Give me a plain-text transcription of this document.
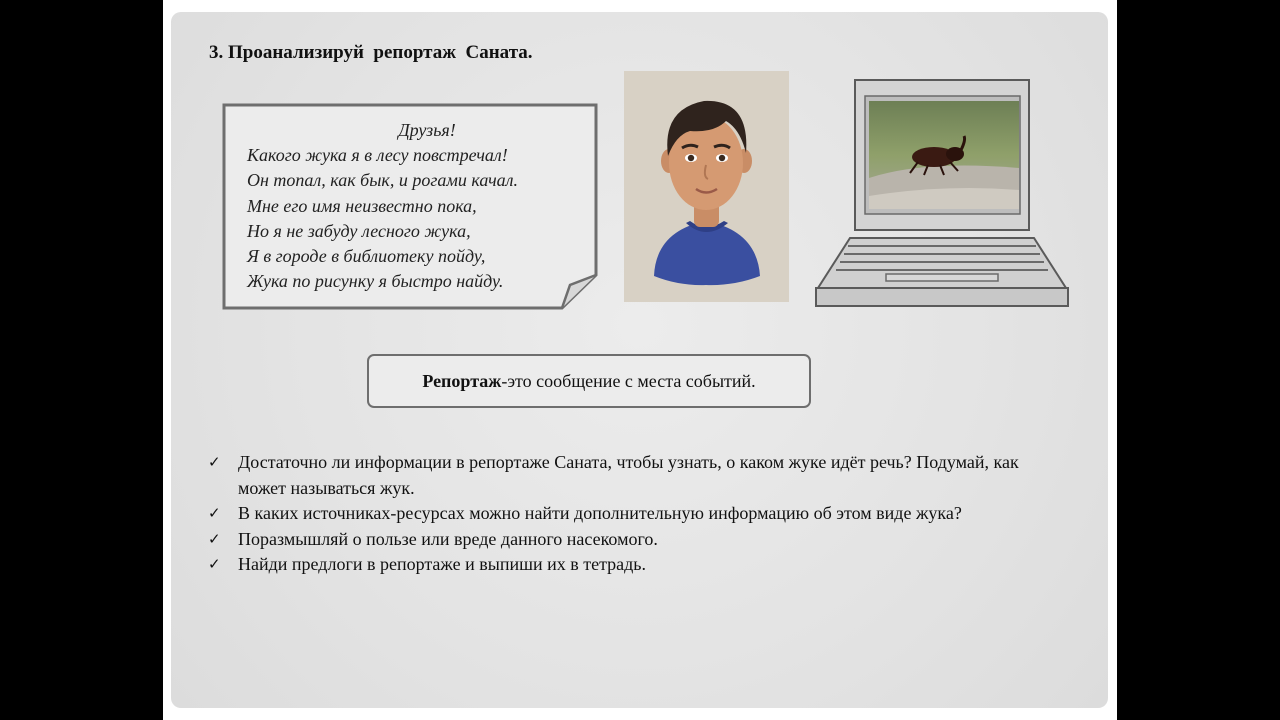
3. Проанализируй  репортаж  Саната.
Друзья!
Какого жука я в лесу повстречал!
Он топал, как бык, и рогами качал.
Мне его имя неизвестно пока,
Но я не забуду лесного жука,
Я в городе в библиотеку пойду,
Жука по рисунку я быстро найду.
Репортаж-это сообщение с места событий.
✓ Достаточно ли информации в репортаже Саната, чтобы узнать, о каком жуке идёт речь? Подумай, как может называться жук.
✓ В каких источниках-ресурсах можно найти дополнительную информацию об этом виде жука?
✓ Поразмышляй о пользе или вреде данного насекомого.
✓ Найди предлоги в репортаже и выпиши их в тетрадь.
